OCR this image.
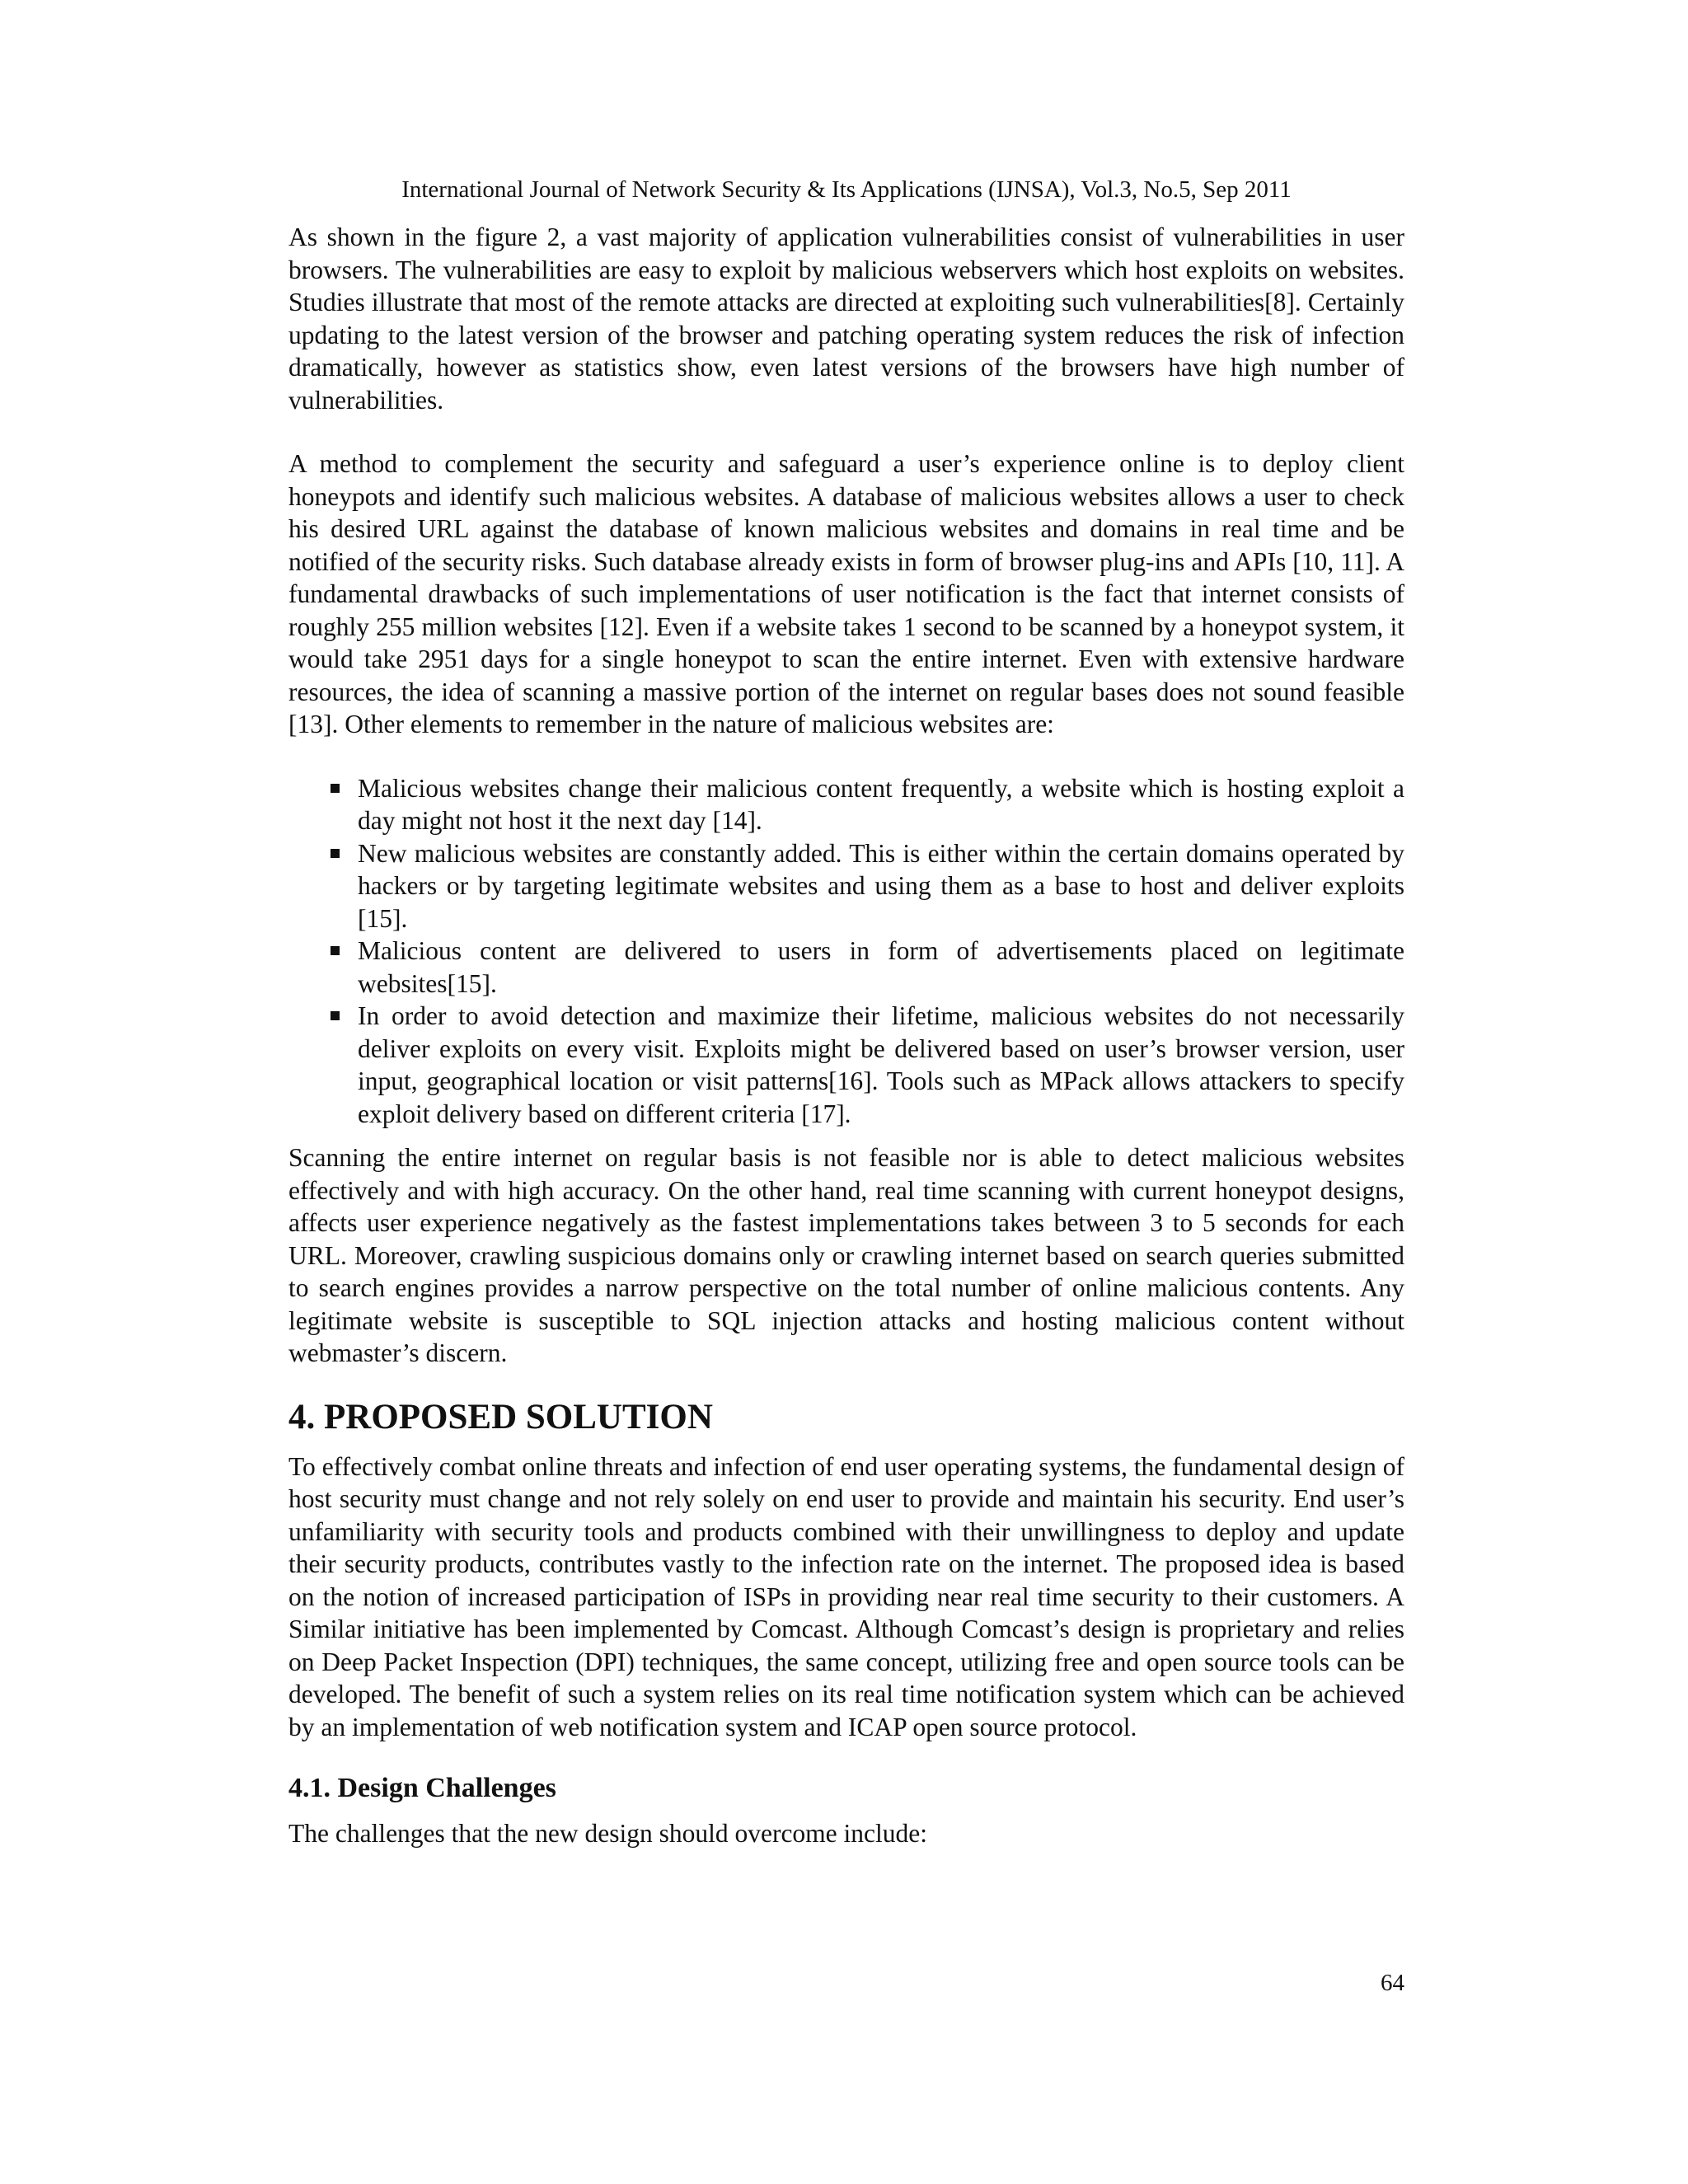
International Journal of Network Security & Its Applications (IJNSA), Vol.3, No.5, Sep 2011

As shown in the figure 2, a vast majority of application vulnerabilities consist of vulnerabilities in user browsers. The vulnerabilities are easy to exploit by malicious webservers which host exploits on websites. Studies illustrate that most of the remote attacks are directed at exploiting such vulnerabilities[8]. Certainly updating to the latest version of the browser and patching operating system reduces the risk of infection dramatically, however as statistics show, even latest versions of the browsers have high number of vulnerabilities.

A method to complement the security and safeguard a user’s experience online is to deploy client honeypots and identify such malicious websites. A database of malicious websites allows a user to check his desired URL against the database of known malicious websites and domains in real time and be notified of the security risks. Such database already exists in form of browser plug-ins and APIs [10, 11]. A fundamental drawbacks of such implementations of user notification is the fact that internet consists of roughly 255 million websites [12]. Even if a website takes 1 second to be scanned by a honeypot system, it would take 2951 days for a single honeypot to scan the entire internet. Even with extensive hardware resources, the idea of scanning a massive portion of the internet on regular bases does not sound feasible [13]. Other elements to remember in the nature of malicious websites are:

Malicious websites change their malicious content frequently, a website which is hosting exploit a day might not host it the next day [14].
New malicious websites are constantly added. This is either within the certain domains operated by hackers or by targeting legitimate websites and using them as a base to host and deliver exploits [15].
Malicious content are delivered to users in form of advertisements placed on legitimate websites[15].
In order to avoid detection and maximize their lifetime, malicious websites do not necessarily deliver exploits on every visit. Exploits might be delivered based on user’s browser version, user input, geographical location or visit patterns[16]. Tools such as MPack allows attackers to specify exploit delivery based on different criteria [17].

Scanning the entire internet on regular basis is not feasible nor is able to detect malicious websites effectively and with high accuracy. On the other hand, real time scanning with current honeypot designs, affects user experience negatively as the fastest implementations takes between 3 to 5 seconds for each URL. Moreover, crawling suspicious domains only or crawling internet based on search queries submitted to search engines provides a narrow perspective on the total number of online malicious contents. Any legitimate website is susceptible to SQL injection attacks and hosting malicious content without webmaster’s discern.

4. PROPOSED SOLUTION

To effectively combat online threats and infection of end user operating systems, the fundamental design of host security must change and not rely solely on end user to provide and maintain his security. End user’s unfamiliarity with security tools and products combined with their unwillingness to deploy and update their security products, contributes vastly to the infection rate on the internet. The proposed idea is based on the notion of increased participation of ISPs in providing near real time security to their customers. A Similar initiative has been implemented by Comcast. Although Comcast’s design is proprietary and relies on Deep Packet Inspection (DPI) techniques, the same concept, utilizing free and open source tools can be developed. The benefit of such a system relies on its real time notification system which can be achieved by an implementation of web notification system and ICAP open source protocol.

4.1. Design Challenges

The challenges that the new design should overcome include:

64
